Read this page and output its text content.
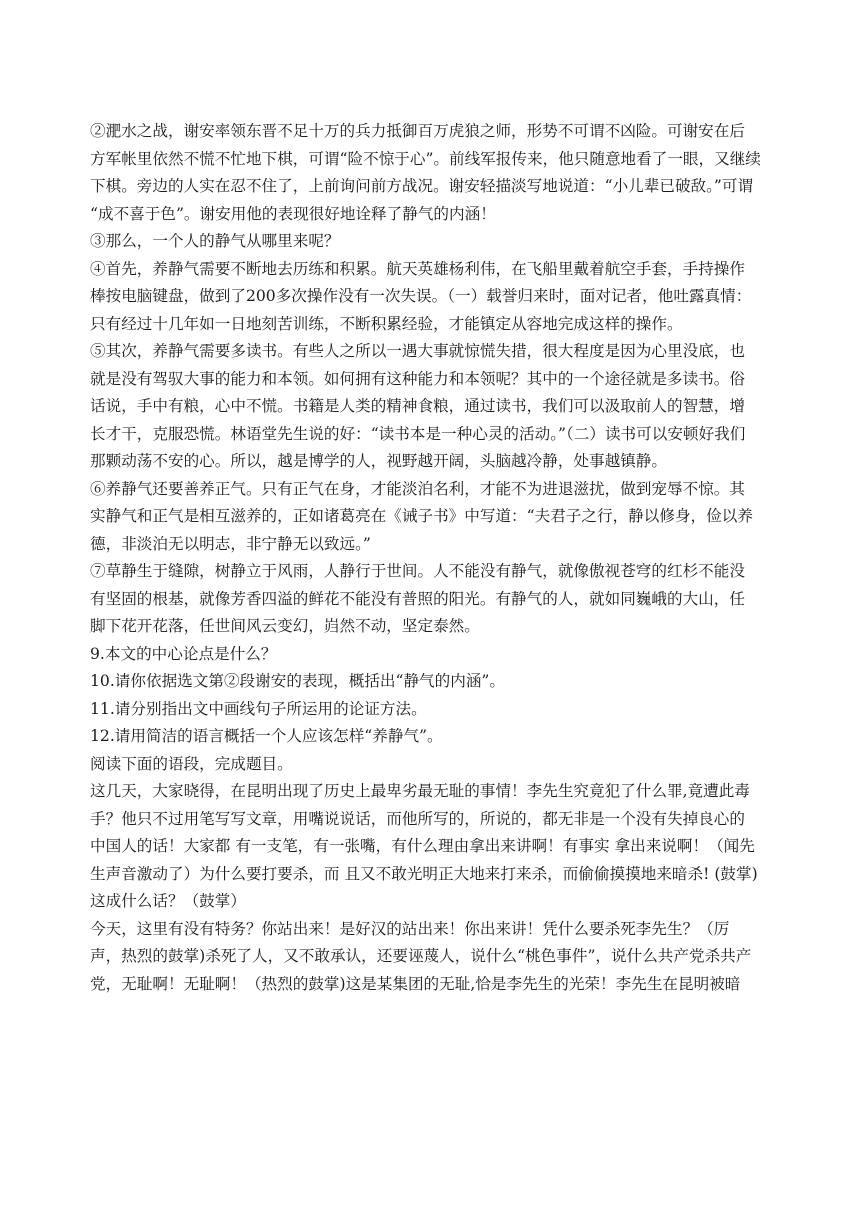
②淝水之战，谢安率领东晋不足十万的兵力抵御百万虎狼之师，形势不可谓不凶险。可谢安在后
方军帐里依然不慌不忙地下棋，可谓“险不惊于心”。前线军报传来，他只随意地看了一眼，又继续
下棋。旁边的人实在忍不住了，上前询问前方战况。谢安轻描淡写地说道：“小儿辈已破敌。”可谓
“成不喜于色”。谢安用他的表现很好地诠释了静气的内涵！
③那么，一个人的静气从哪里来呢？
④首先，养静气需要不断地去历练和积累。航天英雄杨利伟，在飞船里戴着航空手套，手持操作
棒按电脑键盘，做到了200多次操作没有一次失误。（一）载誉归来时，面对记者，他吐露真情：
只有经过十几年如一日地刻苦训练，不断积累经验，才能镇定从容地完成这样的操作。
⑤其次，养静气需要多读书。有些人之所以一遇大事就惊慌失措，很大程度是因为心里没底，也
就是没有驾驭大事的能力和本领。如何拥有这种能力和本领呢？其中的一个途径就是多读书。俗
话说，手中有粮，心中不慌。书籍是人类的精神食粮，通过读书，我们可以汲取前人的智慧，增
长才干，克服恐慌。林语堂先生说的好：“读书本是一种心灵的活动。”（二）读书可以安顿好我们
那颗动荡不安的心。所以，越是博学的人，视野越开阔，头脑越冷静，处事越镇静。
⑥养静气还要善养正气。只有正气在身，才能淡泊名利，才能不为进退滋扰，做到宠辱不惊。其
实静气和正气是相互滋养的，正如诸葛亮在《诫子书》中写道：“夫君子之行，静以修身，俭以养
德，非淡泊无以明志，非宁静无以致远。”
⑦草静生于缝隙，树静立于风雨，人静行于世间。人不能没有静气，就像傲视苍穹的红杉不能没
有坚固的根基，就像芳香四溢的鲜花不能没有普照的阳光。有静气的人，就如同巍峨的大山，任
脚下花开花落，任世间风云变幻，岿然不动，坚定泰然。
9.本文的中心论点是什么？
10.请你依据选文第②段谢安的表现，概括出“静气的内涵”。
11.请分别指出文中画线句子所运用的论证方法。
12.请用简洁的语言概括一个人应该怎样“养静气”。
阅读下面的语段，完成题目。
这几天，大家晓得，在昆明出现了历史上最卑劣最无耻的事情！李先生究竟犯了什么罪,竟遭此毒
手？他只不过用笔写写文章，用嘴说说话，而他所写的，所说的，都无非是一个没有失掉良心的
中国人的话！大家都 有一支笔，有一张嘴，有什么理由拿出来讲啊！有事实 拿出来说啊！（闻先
生声音激动了）为什么要打要杀，而 且又不敢光明正大地来打来杀，而偷偷摸摸地来暗杀! (鼓掌)
这成什么话？（鼓掌）
今天，这里有没有特务？你站出来！是好汉的站出来！你出来讲！凭什么要杀死李先生？（厉
声，热烈的鼓掌)杀死了人，又不敢承认，还要诬蔑人，说什么“桃色事件”，说什么共产党杀共产
党，无耻啊！无耻啊！（热烈的鼓掌)这是某集团的无耻,恰是李先生的光荣！李先生在昆明被暗
